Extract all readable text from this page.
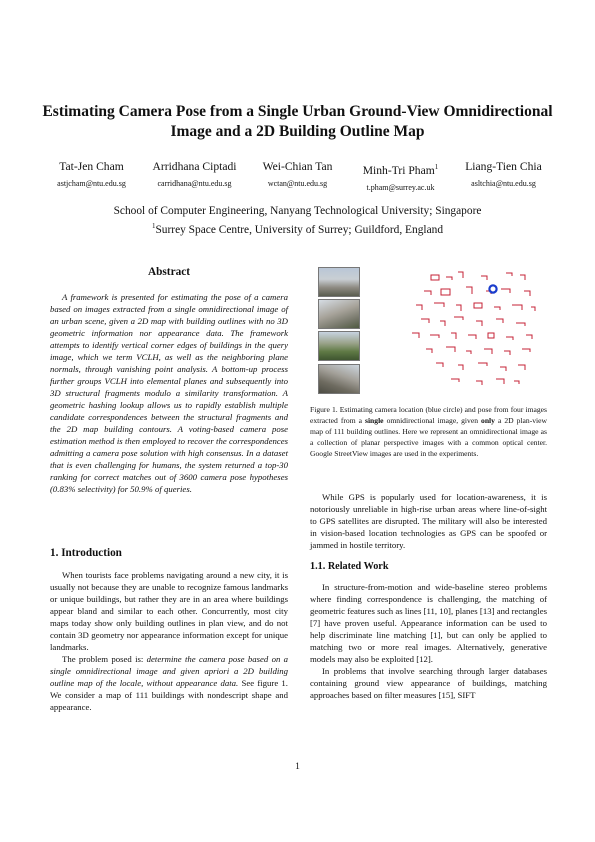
Estimating Camera Pose from a Single Urban Ground-View Omnidirectional
Image and a 2D Building Outline Map
Tat-Jen Cham
astjcham@ntu.edu.sg
Arridhana Ciptadi
carridhana@ntu.edu.sg
Wei-Chian Tan
wctan@ntu.edu.sg
Minh-Tri Pham$^1$
t.pham@surrey.ac.uk
Liang-Tien Chia
asltchia@ntu.edu.sg
School of Computer Engineering, Nanyang Technological University; Singapore
$^1$Surrey Space Centre, University of Surrey; Guildford, England
Abstract
A framework is presented for estimating the pose of a camera based on images extracted from a single omnidirectional image of an urban scene, given a 2D map with building outlines with no 3D geometric information nor appearance data. The framework attempts to identify vertical corner edges of buildings in the query image, which we term VCLH, as well as the neighboring plane normals, through vanishing point analysis. A bottom-up process further groups VCLH into elemental planes and subsequently into 3D structural fragments modulo a similarity transformation. A geometric hashing lookup allows us to rapidly establish multiple candidate correspondences between the structural fragments and the 2D map building contours. A voting-based camera pose estimation method is then employed to recover the correspondences admitting a camera pose solution with high consensus. In a dataset that is even challenging for humans, the system returned a top-30 ranking for correct matches out of 3600 camera pose hypotheses (0.83% selectivity) for 50.9% of queries.
1. Introduction

When tourists face problems navigating around a new city, it is usually not because they are unable to recognize famous landmarks or unique buildings, but rather they are in an area where buildings appear bland and similar to each other. Concurrently, most city maps today show only building outlines in plan view, and do not contain 3D geometry nor appearance information except for unique landmarks.

The problem posed is: determine the camera pose based on a single omnidirectional image and given apriori a 2D building outline map of the locale, without appearance data. See figure 1. We consider a map of 111 buildings with nondescript shape and appearance.

Figure 1. Estimating camera location (blue circle) and pose from four images extracted from a single omnidirectional image, given only a 2D plan-view map of 111 building outlines. Here we represent an omnidirectional image as a collection of planar perspective images with a common optical center. Google StreetView images are used in the experiments.

While GPS is popularly used for location-awareness, it is notoriously unreliable in high-rise urban areas where line-of-sight to GPS satellites are disrupted. The military will also be interested in vision-based location technologies as GPS can be spoofed or jammed in hostile territory.

1.1. Related Work

In structure-from-motion and wide-baseline stereo problems where finding correspondence is challenging, the matching of geometric features such as lines [11, 10], planes [13] and rectangles [7] have proven useful. Appearance information can be used to help discriminate line matching [1], but can only be applied to matching two or more real images. Alternatively, generative models may also be exploited [12].

In problems that involve searching through larger databases containing ground view appearance of buildings, matching approaches based on filter measures [15], SIFT

1
